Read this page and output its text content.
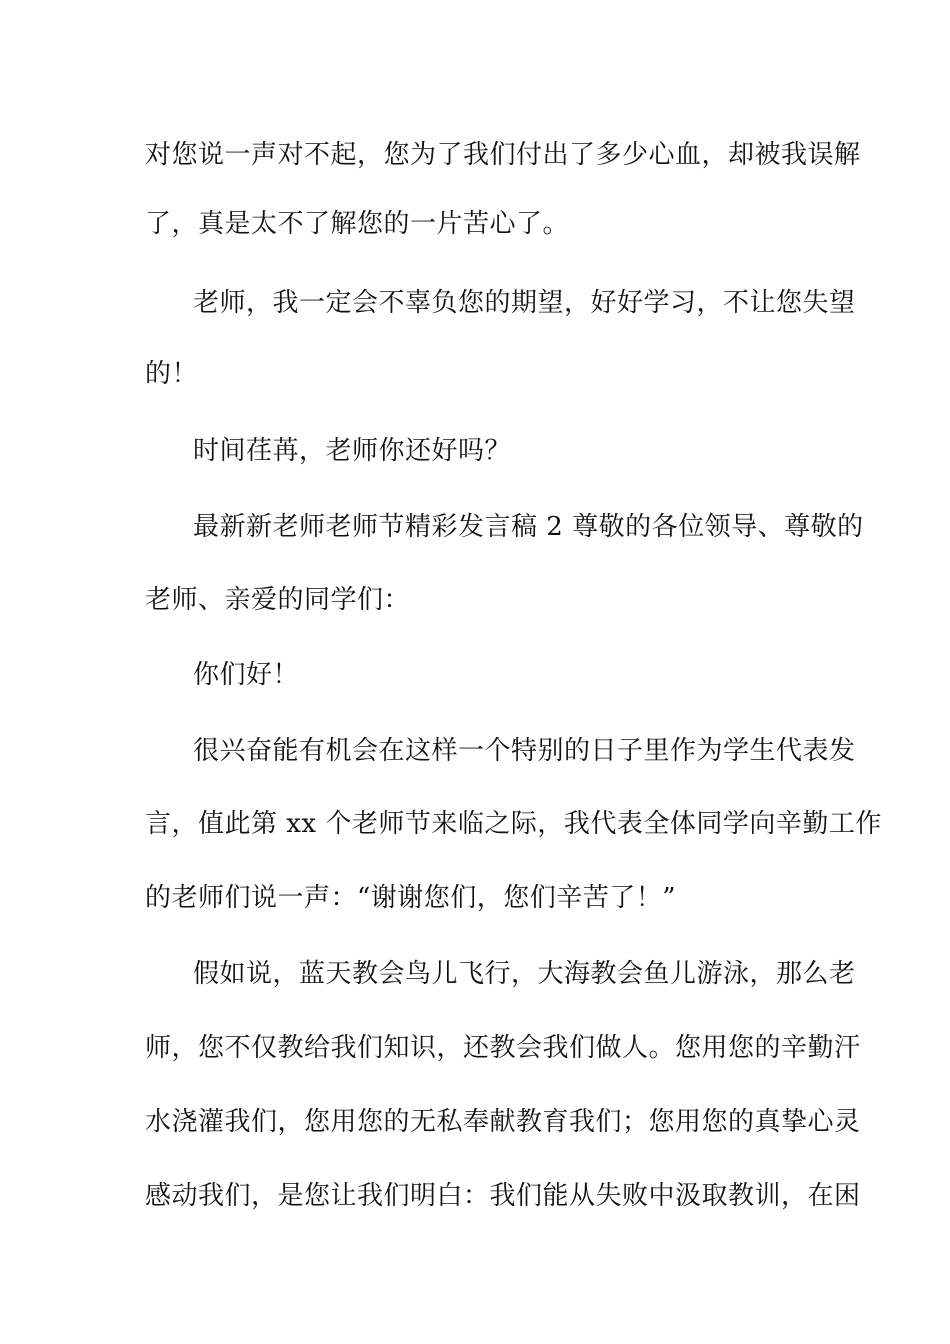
对您说一声对不起，您为了我们付出了多少心血，却被我误解
了，真是太不了解您的一片苦心了。
老师，我一定会不辜负您的期望，好好学习，不让您失望
的！
时间荏苒，老师你还好吗？
最新新老师老师节精彩发言稿 2 尊敬的各位领导、尊敬的
老师、亲爱的同学们：
你们好！
很兴奋能有机会在这样一个特别的日子里作为学生代表发
言，值此第 xx 个老师节来临之际，我代表全体同学向辛勤工作
的老师们说一声：“谢谢您们，您们辛苦了！”
假如说，蓝天教会鸟儿飞行，大海教会鱼儿游泳，那么老
师，您不仅教给我们知识，还教会我们做人。您用您的辛勤汗
水浇灌我们，您用您的无私奉献教育我们；您用您的真挚心灵
感动我们，是您让我们明白：我们能从失败中汲取教训，在困
